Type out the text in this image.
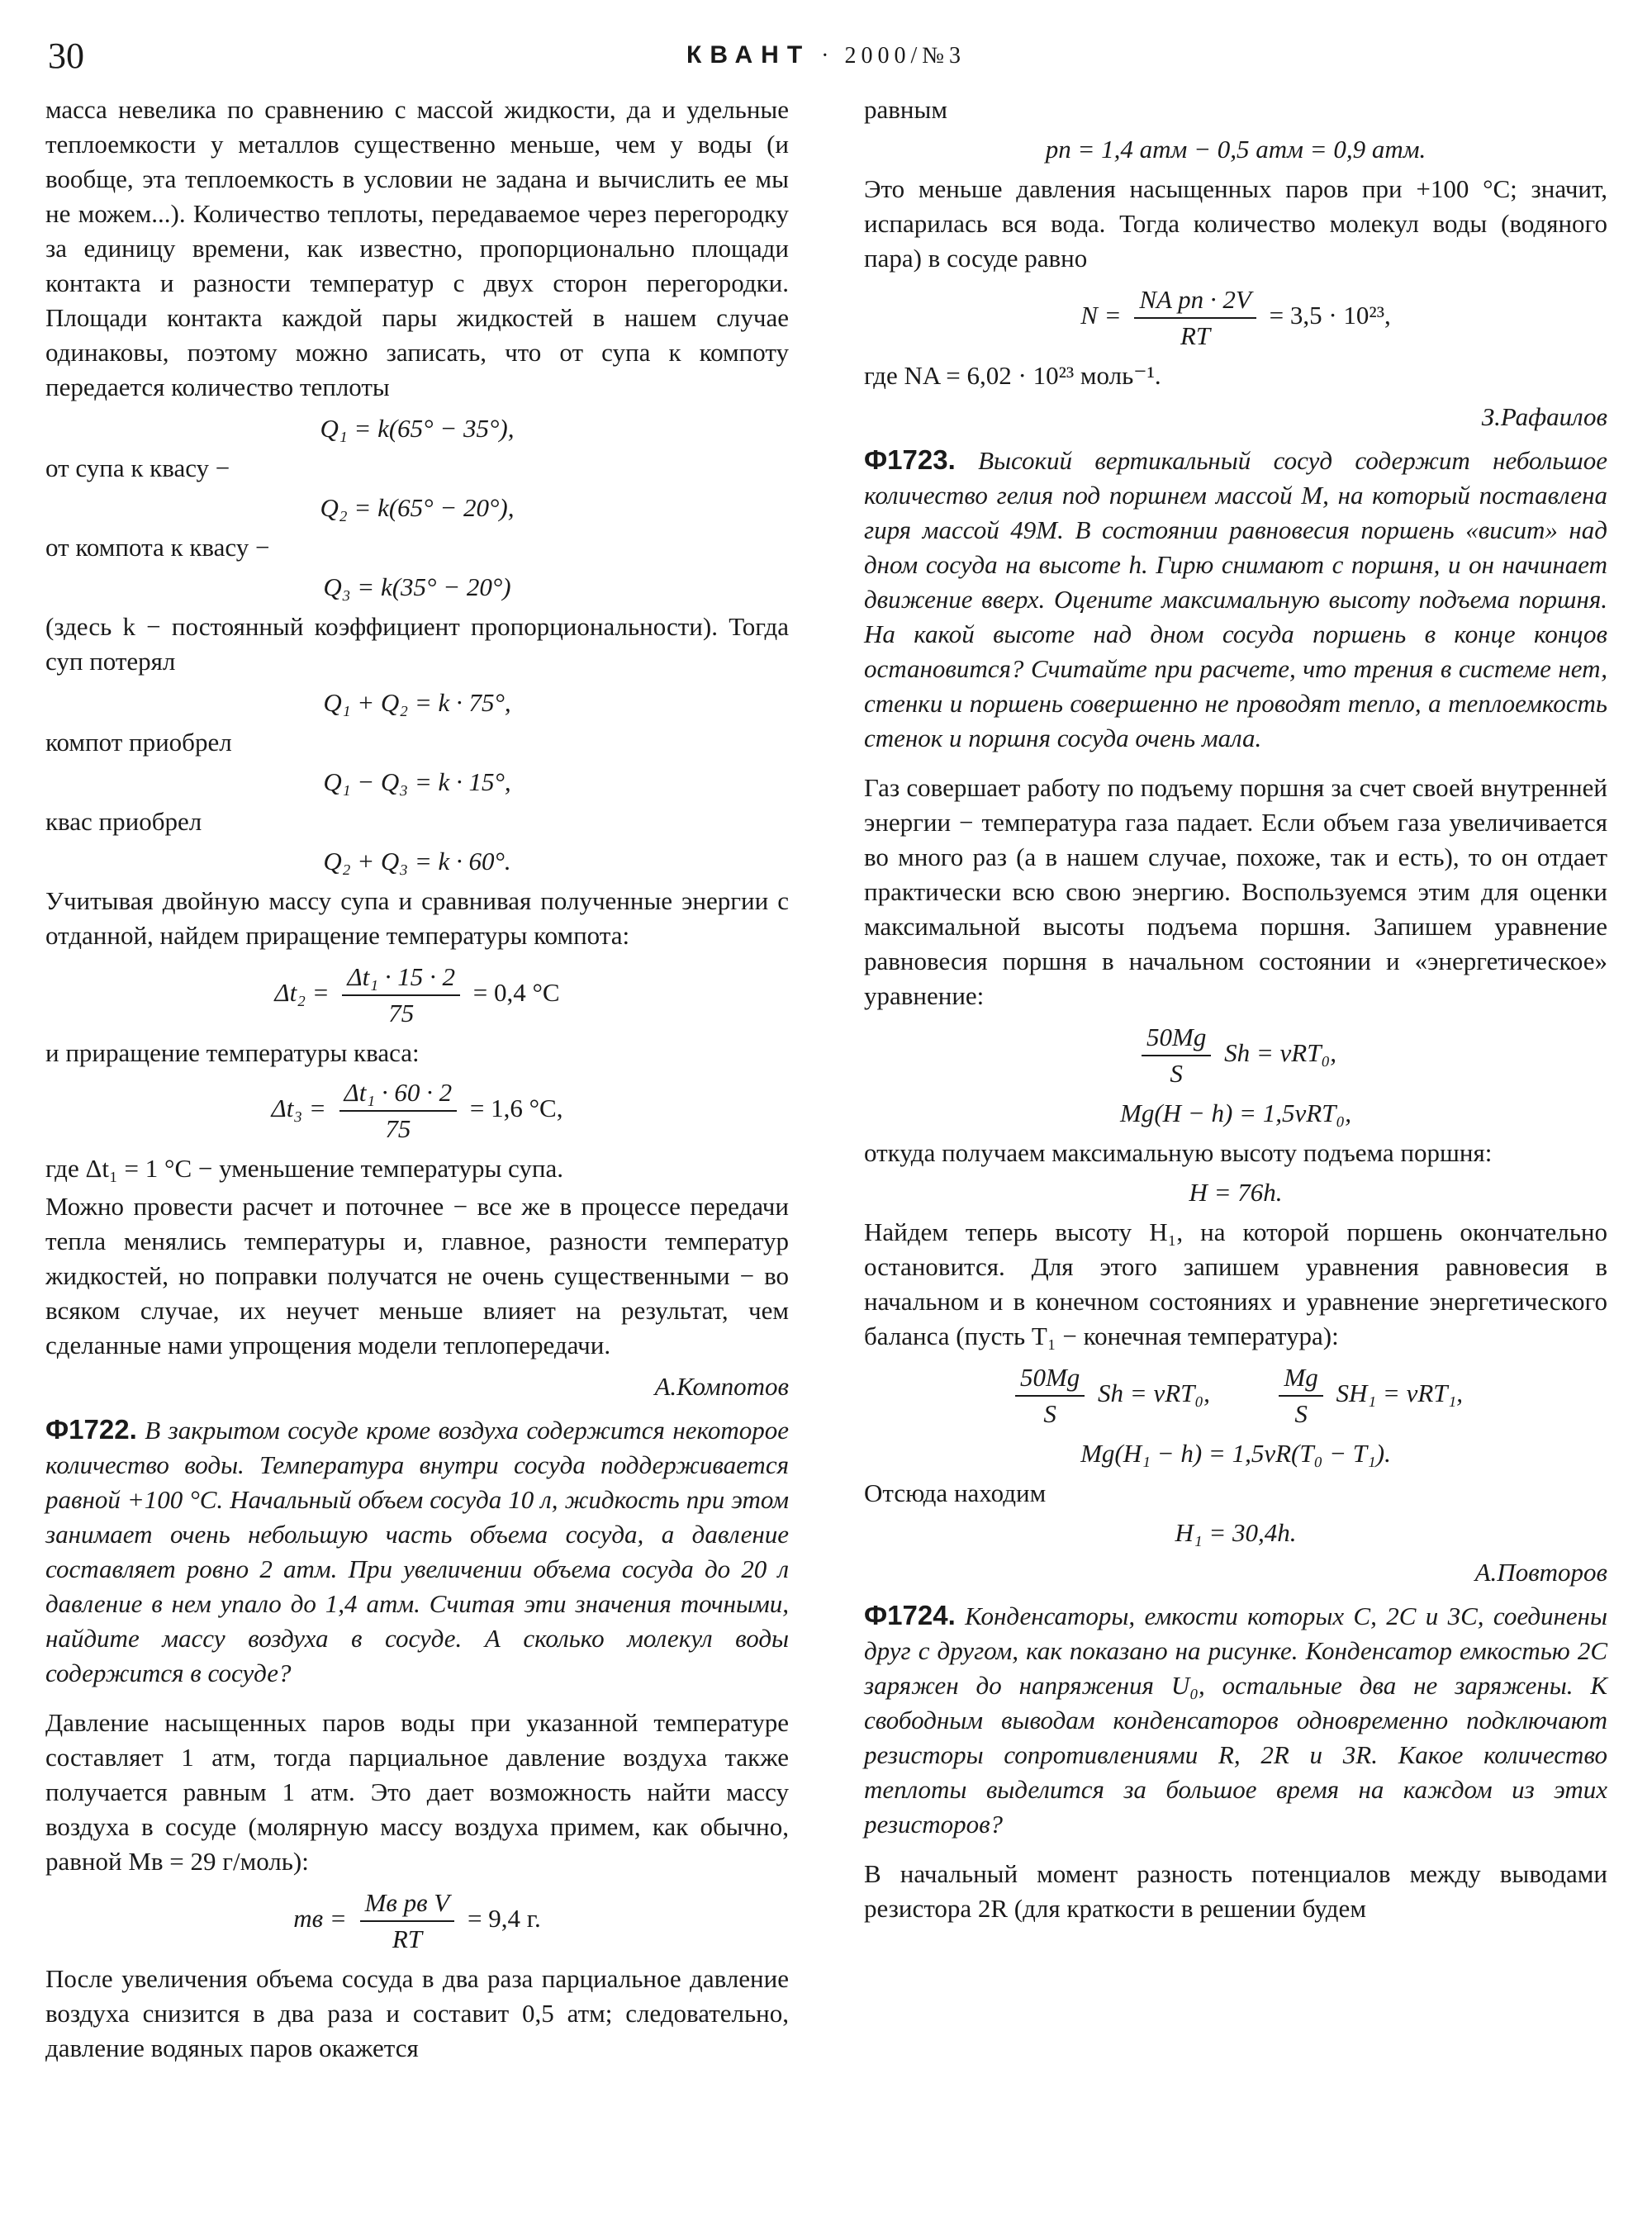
30	КВАНТ · 2000/№3

масса невелика по сравнению с массой жидкости, да и удельные теплоемкости у металлов существенно меньше, чем у воды (и вообще, эта теплоемкость в условии не задана и вычислить ее мы не можем...). Количество теплоты, передаваемое через перегородку за единицу времени, как известно, пропорционально площади контакта и разности температур с двух сторон перегородки. Площади контакта каждой пары жидкостей в нашем случае одинаковы, поэтому можно записать, что от супа к компоту передается количество теплоты

Q₁ = k(65° − 35°),

от супа к квасу −

Q₂ = k(65° − 20°),

от компота к квасу −

Q₃ = k(35° − 20°)

(здесь k − постоянный коэффициент пропорциональности). Тогда суп потерял

Q₁ + Q₂ = k · 75°,

компот приобрел

Q₁ − Q₃ = k · 15°,

квас приобрел

Q₂ + Q₃ = k · 60°.

Учитывая двойную массу супа и сравнивая полученные энергии с отданной, найдем приращение температуры компота:

$\Delta t_2 = \frac{\text{Δt₁ · 15 · 2}}{75} = 0,4$ °C

и приращение температуры кваса:

$\Delta t_3 = \frac{\text{Δt₁ · 60 · 2}}{75} = 1,6$ °C,

где Δt₁ = 1 °C − уменьшение температуры супа.

Можно провести расчет и поточнее − все же в процессе передачи тепла менялись температуры и, главное, разности температур жидкостей, но поправки получатся не очень существенными − во всяком случае, их неучет меньше влияет на результат, чем сделанные нами упрощения модели теплопередачи.

А.Компотов
Ф1722. В закрытом сосуде кроме воздуха содержится некоторое количество воды. Температура внутри сосуда поддерживается равной +100 °C. Начальный объем сосуда 10 л, жидкость при этом занимает очень небольшую часть объема сосуда, а давление составляет ровно 2 атм. При увеличении объема сосуда до 20 л давление в нем упало до 1,4 атм. Считая эти значения точными, найдите массу воздуха в сосуде. А сколько молекул воды содержится в сосуде?

Давление насыщенных паров воды при указанной температуре составляет 1 атм, тогда парциальное давление воздуха также получается равным 1 атм. Это дает возможность найти массу воздуха в сосуде (молярную массу воздуха примем, как обычно, равной Mв = 29 г/моль):

mв = $\frac{\text{Mв pв V}}{RT} = 9,4$ г.

После увеличения объема сосуда в два раза парциальное давление воздуха снизится в два раза и составит 0,5 атм; следовательно, давление водяных паров окажется

равным

pп = 1,4 атм − 0,5 атм = 0,9 атм.

Это меньше давления насыщенных паров при +100 °C; значит, испарилась вся вода. Тогда количество молекул воды (водяного пара) в сосуде равно

$N = \frac{\text{NA pп · 2V}}{RT} = 3,5 \cdot 10^{23}$,

где NA = 6,02 · 10²³ моль⁻¹.

З.Рафаилов
Ф1723. Высокий вертикальный сосуд содержит небольшое количество гелия под поршнем массой M, на который поставлена гиря массой 49M. В состоянии равновесия поршень «висит» над дном сосуда на высоте h. Гирю снимают с поршня, и он начинает движение вверх. Оцените максимальную высоту подъема поршня. На какой высоте над дном сосуда поршень в конце концов остановится? Считайте при расчете, что трения в системе нет, стенки и поршень совершенно не проводят тепло, а теплоемкость стенок и поршня сосуда очень мала.

Газ совершает работу по подъему поршня за счет своей внутренней энергии − температура газа падает. Если объем газа увеличивается во много раз (а в нашем случае, похоже, так и есть), то он отдает практически всю свою энергию. Воспользуемся этим для оценки максимальной высоты подъема поршня. Запишем уравнение равновесия поршня в начальном состоянии и «энергетическое» уравнение:

$\frac{50Mg}{S}$ Sh = νRT₀,
Mg(H − h) = 1,5νRT₀,

откуда получаем максимальную высоту подъема поршня:

H = 76h.

Найдем теперь высоту H₁, на которой поршень окончательно остановится. Для этого запишем уравнения равновесия в начальном и в конечном состояниях и уравнение энергетического баланса (пусть T₁ − конечная температура):

$\frac{50Mg}{S}$ Sh = νRT₀,	$\frac{Mg}{S} SH_1 = \nu RT_1$,
Mg(H₁ − h) = 1,5νR(T₀ − T₁).

Отсюда находим

H₁ = 30,4h.
А.Повторов
Ф1724. Конденсаторы, емкости которых C, 2C и 3C, соединены друг с другом, как показано на рисунке. Конденсатор емкостью 2C заряжен до напряжения U₀, остальные два не заряжены. К свободным выводам конденсаторов одновременно подключают резисторы сопротивлениями R, 2R и 3R. Какое количество теплоты выделится за большое время на каждом из этих резисторов?

В начальный момент разность потенциалов между выводами резистора 2R (для краткости в решении будем
